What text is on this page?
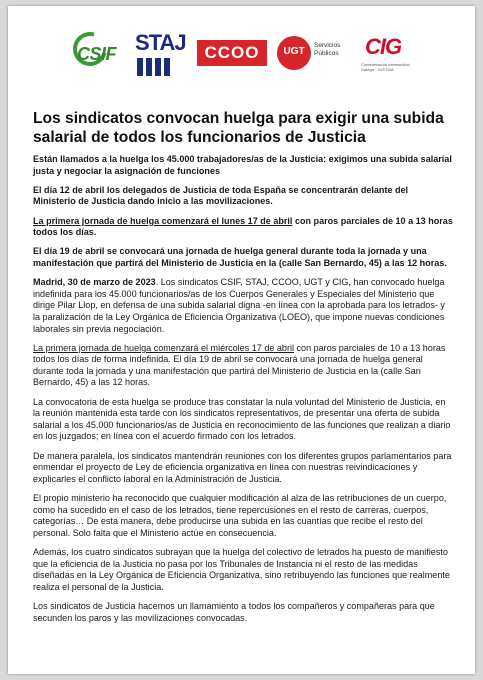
CSIF STAJ	CCOO	UGT
Servicios
Públicos	CIG
Confederación Intersindical Galega · JUSTIZA
Los sindicatos convocan huelga para exigir una subida salarial de todos los funcionarios de Justicia

Están llamados a la huelga los 45.000 trabajadores/as de la Justicia: exigimos una subida salarial justa y negociar la asignación de funciones

El día 12 de abril los delegados de Justicia de toda España se concentrarán delante del Ministerio de Justicia dando inicio a las movilizaciones.

La primera jornada de huelga comenzará el lunes 17 de abril con paros parciales de 10 a 13 horas todos los días.

El día 19 de abril se convocará una jornada de huelga general durante toda la jornada y una manifestación que partirá del Ministerio de Justicia en la (calle San Bernardo, 45) a las 12 horas.

Madrid, 30 de marzo de 2023. Los sindicatos CSIF, STAJ, CCOO, UGT y CIG, han convocado huelga indefinida para los 45.000 funcionarios/as de los Cuerpos Generales y Especiales del Ministerio que dirige Pilar Llop, en defensa de una subida salarial digna -en línea con la aprobada para los letrados- y la paralización de la Ley Orgánica de Eficiencia Organizativa (LOEO), que impone nuevas condiciones laborales sin previa negociación.

La primera jornada de huelga comenzará el miércoles 17 de abril con paros parciales de 10 a 13 horas todos los días de forma indefinida. El día 19 de abril se convocará una jornada de huelga general durante toda la jornada y una manifestación que partirá del Ministerio de Justicia en la (calle San Bernardo, 45) a las 12 horas.

La convocatoria de esta huelga se produce tras constatar la nula voluntad del Ministerio de Justicia, en la reunión mantenida esta tarde con los sindicatos representativos, de presentar una oferta de subida salarial a los 45.000 funcionarios/as de Justicia en reconocimiento de las funciones que realizan a diario en los juzgados; en línea con el acuerdo firmado con los letrados.

De manera paralela, los sindicatos mantendrán reuniones con los diferentes grupos parlamentarios para enmendar el proyecto de Ley de eficiencia organizativa en línea con nuestras reivindicaciones y explicarles el conflicto laboral en la Administración de Justicia.

El propio ministerio ha reconocido que cualquier modificación al alza de las retribuciones de un cuerpo, como ha sucedido en el caso de los letrados, tiene repercusiones en el resto de carreras, cuerpos, categorías… De esta manera, debe producirse una subida en las cuantías que recibe el resto del personal. Solo falta que el Ministerio actúe en consecuencia.

Además, los cuatro sindicatos subrayan que la huelga del colectivo de letrados ha puesto de manifiesto que la eficiencia de la Justicia no pasa por los Tribunales de Instancia ni el resto de las medidas diseñadas en la Ley Orgánica de Eficiencia Organizativa, sino retribuyendo las funciones que realmente realiza el personal de la Justicia.

Los sindicatos de Justicia hacemos un llamamiento a todos los compañeros y compañeras para que secunden los paros y las movilizaciones convocadas.
